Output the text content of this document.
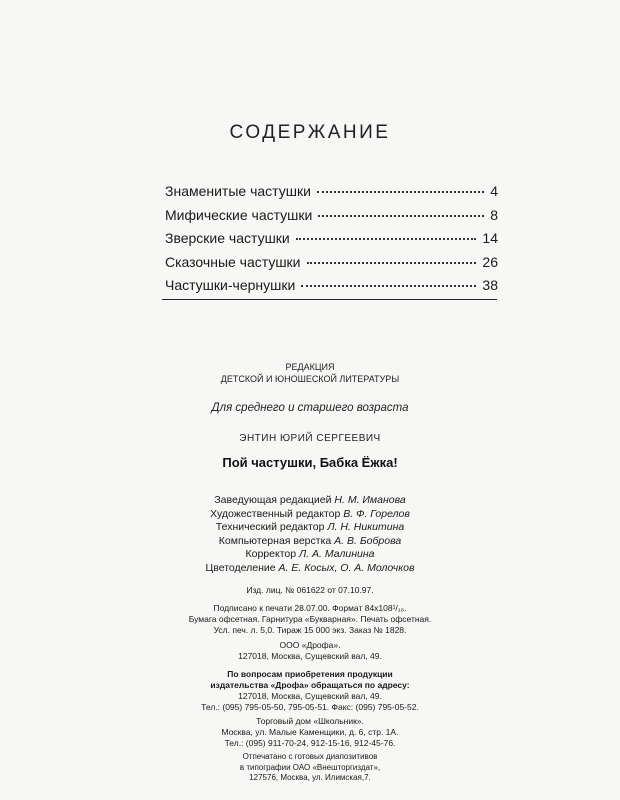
СОДЕРЖАНИЕ
Знаменитые частушки	4
Мифические частушки	8
Зверские частушки	14
Сказочные частушки	26
Частушки-чернушки	38
РЕДАКЦИЯ
ДЕТСКОЙ И ЮНОШЕСКОЙ ЛИТЕРАТУРЫ
Для среднего и старшего возраста
ЭНТИН ЮРИЙ СЕРГЕЕВИЧ
Пой частушки, Бабка Ёжка!
Заведующая редакцией Н. М. Иманова
Художественный редактор В. Ф. Горелов
Технический редактор Л. Н. Никитина
Компьютерная верстка А. В. Боброва
Корректор Л. А. Малинина
Цветоделение А. Е. Косых, О. А. Молочков
Изд. лиц. № 061622 от 07.10.97.
Подписано к печати 28.07.00. Формат 84x108¹/₁₆.
Бумага офсетная. Гарнитура «Букварная». Печать офсетная.
Усл. печ. л. 5,0. Тираж 15 000 экз. Заказ № 1828.
ООО «Дрофа».
127018, Москва, Сущевский вал, 49.
По вопросам приобретения продукции
издательства «Дрофа» обращаться по адресу:
127018, Москва, Сущевский вал, 49.
Тел.: (095) 795-05-50, 795-05-51. Факс: (095) 795-05-52.
Торговый дом «Школьник».
Москва, ул. Малые Каменщики, д. 6, стр. 1А.
Тел.: (095) 911-70-24, 912-15-16, 912-45-76.
Отпечатано с готовых диапозитивов
в типографии ОАО «Внешторгиздат»,
127576, Москва, ул. Илимская,7.
